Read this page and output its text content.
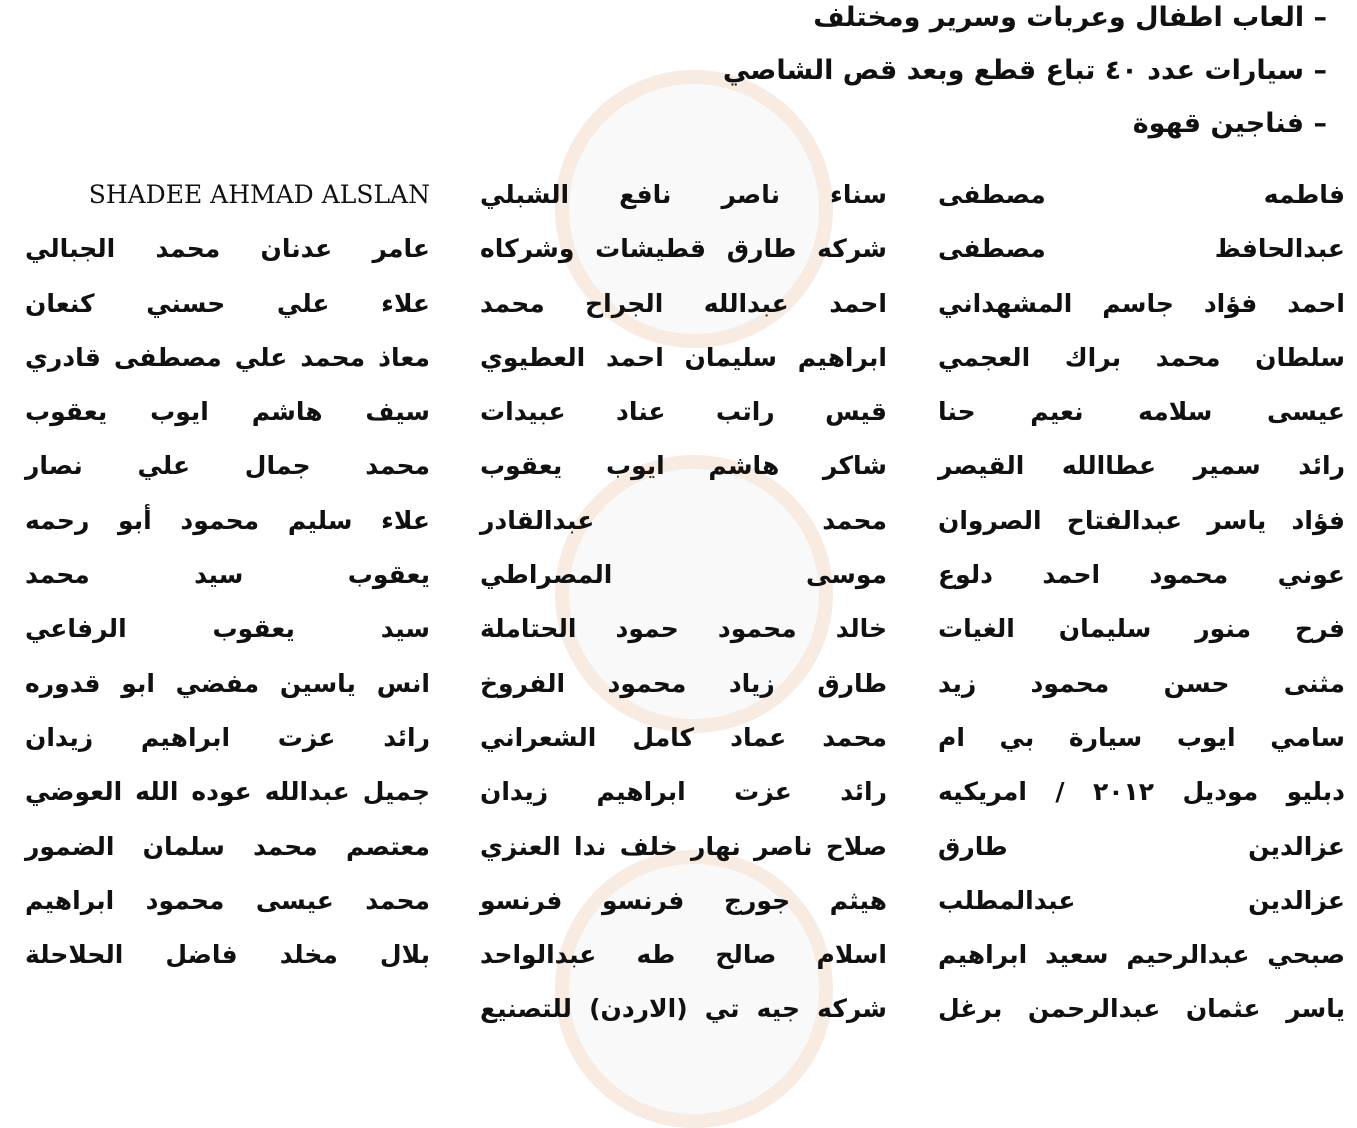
– العاب اطفال وعربات وسرير ومختلف
– سيارات عدد ٤٠ تباع قطع وبعد قص الشاصي
– فناجين قهوة
فاطمه مصطفى
عبدالحافظ مصطفى
احمد فؤاد جاسم المشهداني
سلطان محمد براك العجمي
عيسى سلامه نعيم حنا
رائد سمير عطاالله القيصر
فؤاد ياسر عبدالفتاح الصروان
عوني محمود احمد دلوع
فرح منور سليمان الغيات
مثنى حسن محمود زيد
سامي ايوب سيارة بي ام
دبليو موديل ٢٠١٢ / امريكيه
عزالدين طارق
عزالدين عبدالمطلب
صبحي عبدالرحيم سعيد ابراهيم
ياسر عثمان عبدالرحمن برغل
سناء ناصر نافع الشبلي
شركه طارق قطيشات وشركاه
احمد عبدالله الجراح محمد
ابراهيم سليمان احمد العطيوي
قيس راتب عناد عبيدات
شاكر هاشم ايوب يعقوب
محمد عبدالقادر
موسى المصراطي
خالد محمود حمود الحتاملة
طارق زياد محمود الفروخ
محمد عماد كامل الشعراني
رائد عزت ابراهيم زيدان
صلاح ناصر نهار خلف ندا العنزي
هيثم جورج فرنسو فرنسو
اسلام صالح طه عبدالواحد
شركه جيه تي (الاردن) للتصنيع
SHADEE AHMAD ALSLAN
عامر عدنان محمد الجبالي
علاء علي حسني كنعان
معاذ محمد علي مصطفى قادري
سيف هاشم ايوب يعقوب
محمد جمال علي نصار
علاء سليم محمود أبو رحمه
يعقوب سيد محمد
سيد يعقوب الرفاعي
انس ياسين مفضي ابو قدوره
رائد عزت ابراهيم زيدان
جميل عبدالله عوده الله العوضي
معتصم محمد سلمان الضمور
محمد عيسى محمود ابراهيم
بلال مخلد فاضل الحلاحلة
